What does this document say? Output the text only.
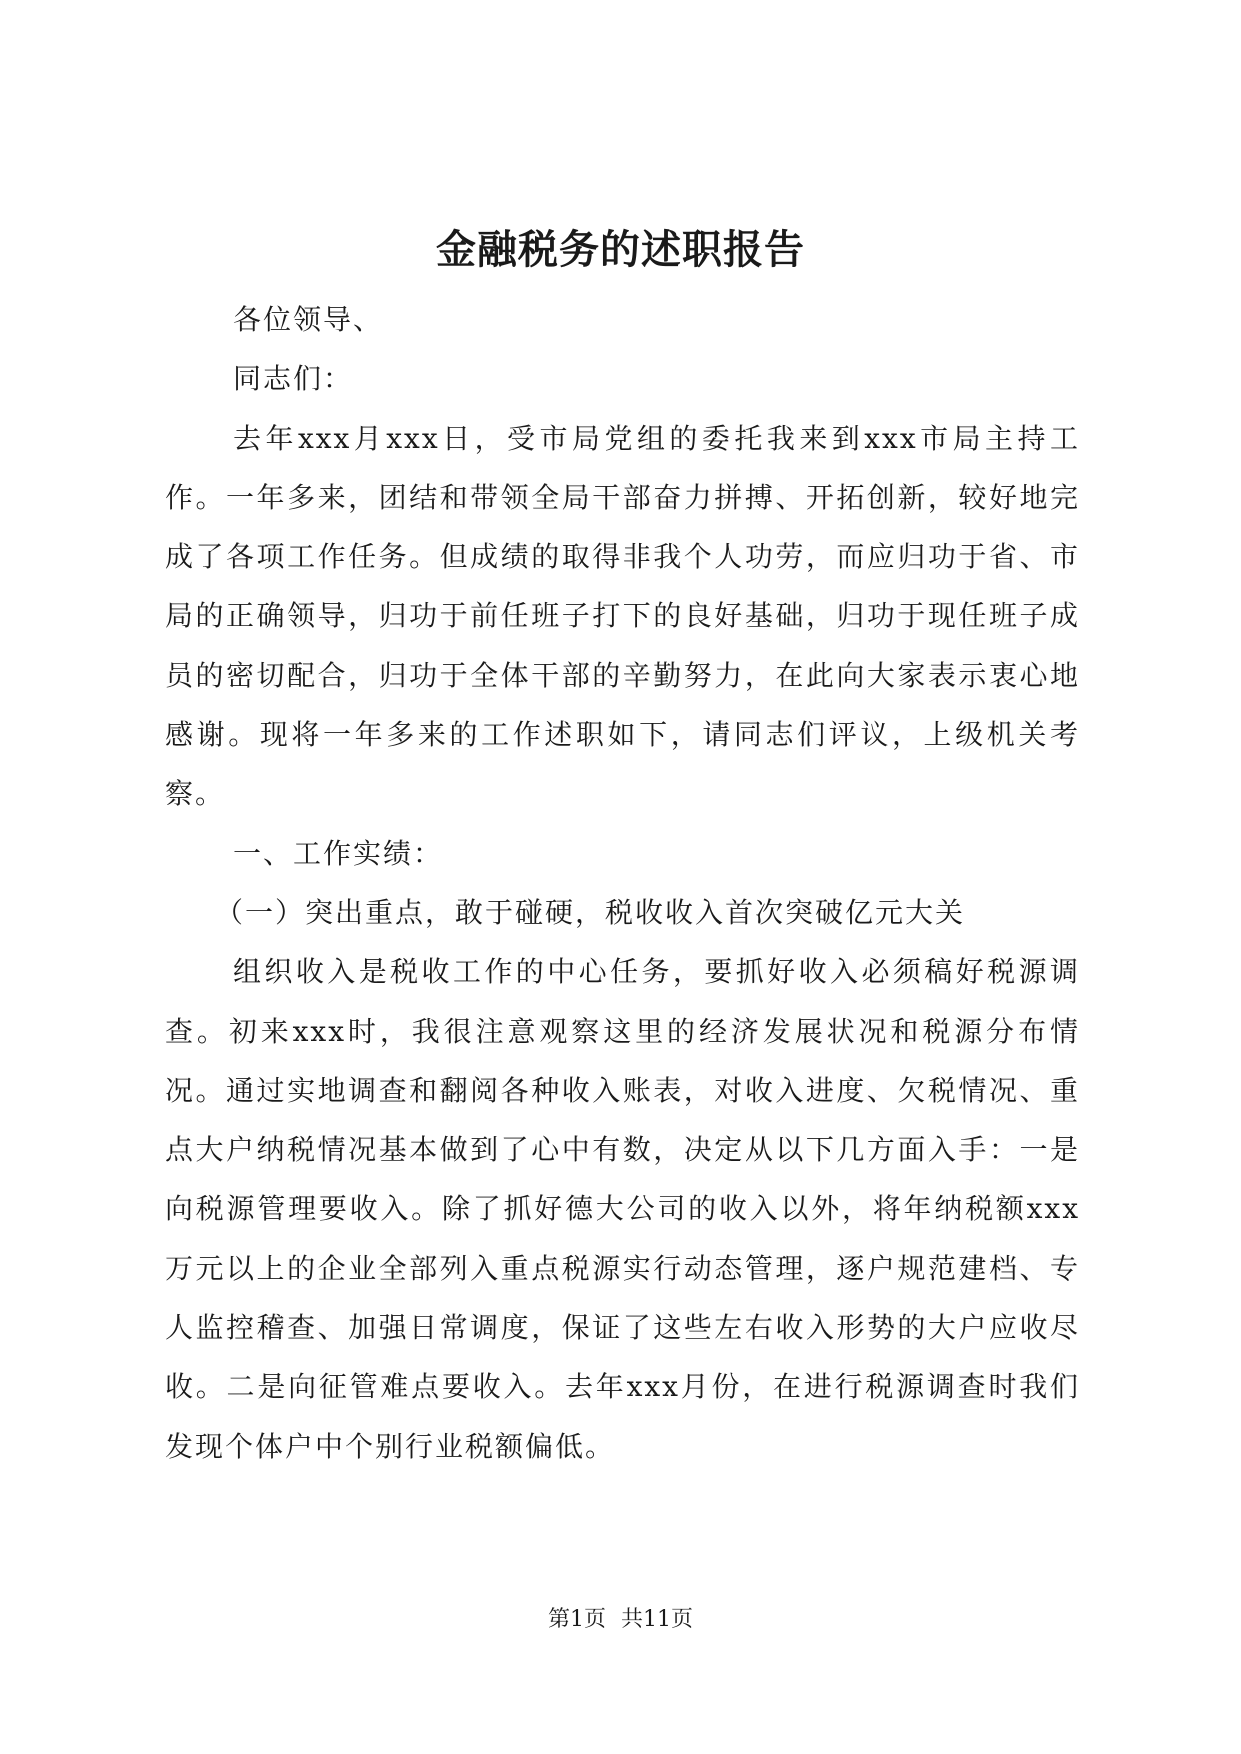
金融税务的述职报告

各位领导、

同志们：

去年xxx月xxx日，受市局党组的委托我来到xxx市局主持工作。一年多来，团结和带领全局干部奋力拼搏、开拓创新，较好地完成了各项工作任务。但成绩的取得非我个人功劳，而应归功于省、市局的正确领导，归功于前任班子打下的良好基础，归功于现任班子成员的密切配合，归功于全体干部的辛勤努力，在此向大家表示衷心地感谢。现将一年多来的工作述职如下，请同志们评议，上级机关考察。

一、工作实绩：

（一）突出重点，敢于碰硬，税收收入首次突破亿元大关

组织收入是税收工作的中心任务，要抓好收入必须稿好税源调查。初来xxx时，我很注意观察这里的经济发展状况和税源分布情况。通过实地调查和翻阅各种收入账表，对收入进度、欠税情况、重点大户纳税情况基本做到了心中有数，决定从以下几方面入手：一是向税源管理要收入。除了抓好德大公司的收入以外，将年纳税额xxx万元以上的企业全部列入重点税源实行动态管理，逐户规范建档、专人监控稽查、加强日常调度，保证了这些左右收入形势的大户应收尽收。二是向征管难点要收入。去年xxx月份，在进行税源调查时我们发现个体户中个别行业税额偏低。

第1页 共11页
